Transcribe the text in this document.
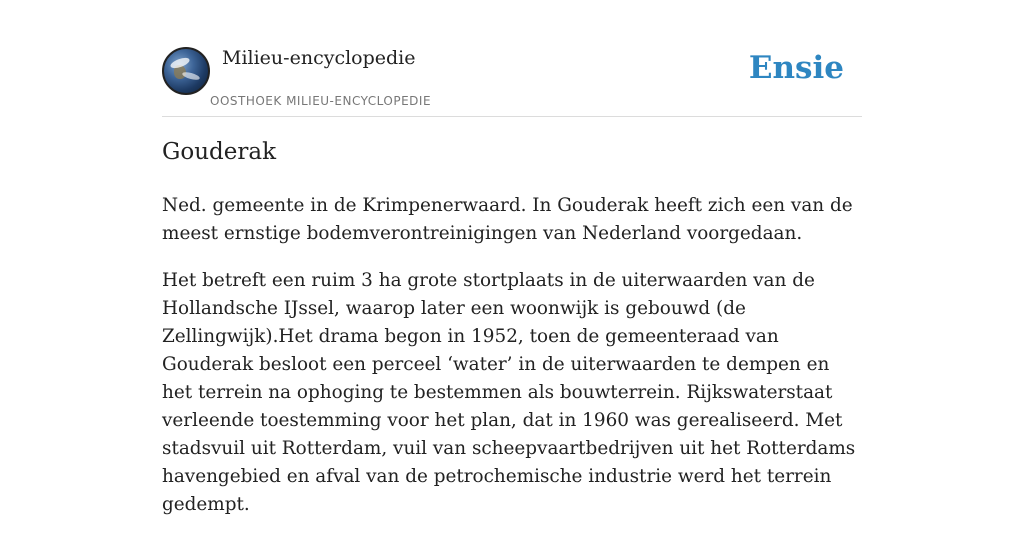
Milieu-encyclopedie
OOSTHOEK MILIEU-ENCYCLOPEDIE
Ensie
Gouderak

Ned. gemeente in de Krimpenerwaard. In Gouderak heeft zich een van de meest ernstige bodemverontreinigingen van Nederland voorgedaan.

Het betreft een ruim 3 ha grote stortplaats in de uiterwaarden van de Hollandsche IJssel, waarop later een woonwijk is gebouwd (de Zellingwijk).Het drama begon in 1952, toen de gemeenteraad van Gouderak besloot een perceel ‘water’ in de uiterwaarden te dempen en het terrein na ophoging te bestemmen als bouwterrein. Rijkswaterstaat verleende toestemming voor het plan, dat in 1960 was gerealiseerd. Met stadsvuil uit Rotterdam, vuil van scheepvaartbedrijven uit het Rotterdams havengebied en afval van de petrochemische industrie werd het terrein gedempt.
